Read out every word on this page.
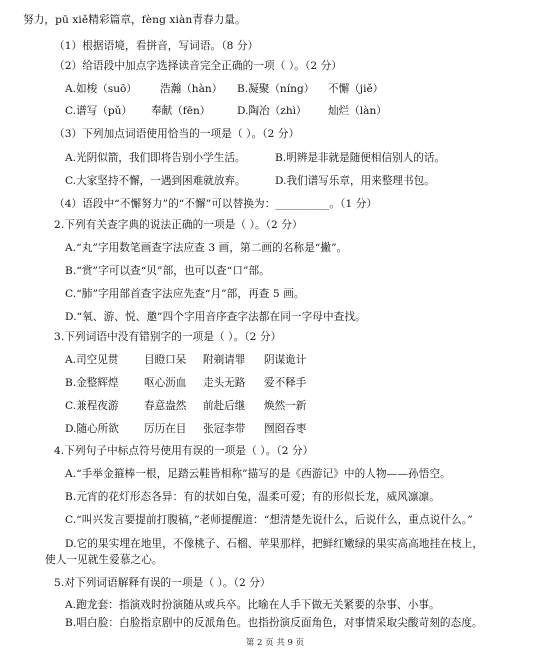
努力，pū xiě精彩篇章，fèng xiàn青春力量。
（1）根据语境，看拼音，写词语。（8 分）
（2）给语段中加点字选择读音完全正确的一项（ ）。（2 分）
A.如梭（suō） 浩瀚（hàn） B.凝聚（níng） 不懈（jiě）
C.谱写（pǔ） 奉献（fēn）	D.陶冶（zhì） 灿烂（làn）
（3）下列加点词语使用恰当的一项是（ ）。（2 分）
A.光阴似箭，我们即将告别小学生活。	B.明辨是非就是随便相信别人的话。
C.大家坚持不懈，一遇到困难就放弃。	D.我们谱写乐章，用来整理书包。
（4）语段中“不懈努力”的“不懈”可以替换为：__________。（1 分）
2.下列有关查字典的说法正确的一项是（ ）。（2 分）
A.“丸”字用数笔画查字法应查 3 画，第二画的名称是“撇”。
B.“赏”字可以查“贝”部，也可以查“口”部。
C.“肺”字用部首查字法应先查“月”部，再查 5 画。
D.“氧、游、悦、邀”四个字用音序查字法都在同一字母中查找。
3.下列词语中没有错别字的一项是（ ）。（2 分）
A.司空见贯 目瞪口呆 附剃请罪 阴谋诡计
B.金整辉煌 呕心沥血 走头无路 爱不释手
C.兼程夜游 春意盎然 前赴后继 焕然一新
D.随心所欲 厉历在目 张冠李带 囫囵吞枣
4.下列句子中标点符号使用有误的一项是（ ）。（2 分）
A.“手举金箍棒一根，足踏云鞋皆相称”描写的是《西游记》中的人物——孙悟空。
B.元宵的花灯形态各异：有的状如白兔，温柔可爱；有的形似长龙，威风凛凛。
C.“叫兴发言要提前打腹稿，”老师提醒道：“想清楚先说什么，后说什么，重点说什么。”
D.它的果实埋在地里，不像桃子、石榴、苹果那样，把鲜红嫩绿的果实高高地挂在枝上，
使人一见就生爱慕之心。
5.对下列词语解释有误的一项是（ ）。（2 分）
A.跑龙套：指演戏时扮演随从或兵卒。比喻在人手下做无关紧要的杂事、小事。
B.唱白脸：白脸指京剧中的反派角色。也指扮演反面角色，对事情采取尖酸苛刻的态度。
第 2 页 共 9 页
